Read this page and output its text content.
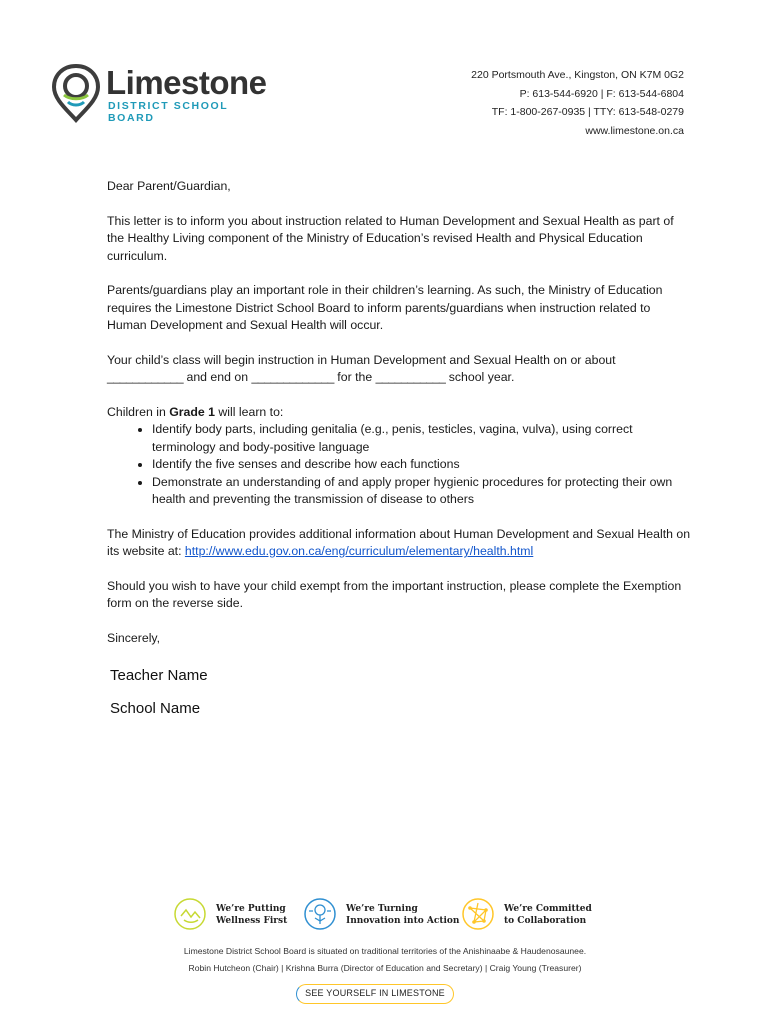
Limestone
DISTRICT SCHOOL BOARD
220 Portsmouth Ave., Kingston, ON K7M 0G2
P: 613-544-6920 | F: 613-544-6804
TF: 1-800-267-0935 | TTY: 613-548-0279
www.limestone.on.ca

Dear Parent/Guardian,

This letter is to inform you about instruction related to Human Development and Sexual Health as part of the Healthy Living component of the Ministry of Education’s revised Health and Physical Education curriculum.

Parents/guardians play an important role in their children’s learning. As such, the Ministry of Education requires the Limestone District School Board to inform parents/guardians when instruction related to Human Development and Sexual Health will occur.

Your child’s class will begin instruction in Human Development and Sexual Health on or about
____________ and end on _____________ for the ___________ school year.

Children in Grade 1 will learn to:
• Identify body parts, including genitalia (e.g., penis, testicles, vagina, vulva), using correct terminology and body-positive language
• Identify the five senses and describe how each functions
• Demonstrate an understanding of and apply proper hygienic procedures for protecting their own health and preventing the transmission of disease to others

The Ministry of Education provides additional information about Human Development and Sexual Health on its website at: http://www.edu.gov.on.ca/eng/curriculum/elementary/health.html

Should you wish to have your child exempt from the important instruction, please complete the Exemption form on the reverse side.

Sincerely,

Teacher Name
School Name
We’re Putting
Wellness First
We’re Turning
Innovation into Action
We’re Committed
to Collaboration
Limestone District School Board is situated on traditional territories of the Anishinaabe & Haudenosaunee.
Robin Hutcheon (Chair) | Krishna Burra (Director of Education and Secretary) | Craig Young (Treasurer)
SEE YOURSELF IN LIMESTONE
